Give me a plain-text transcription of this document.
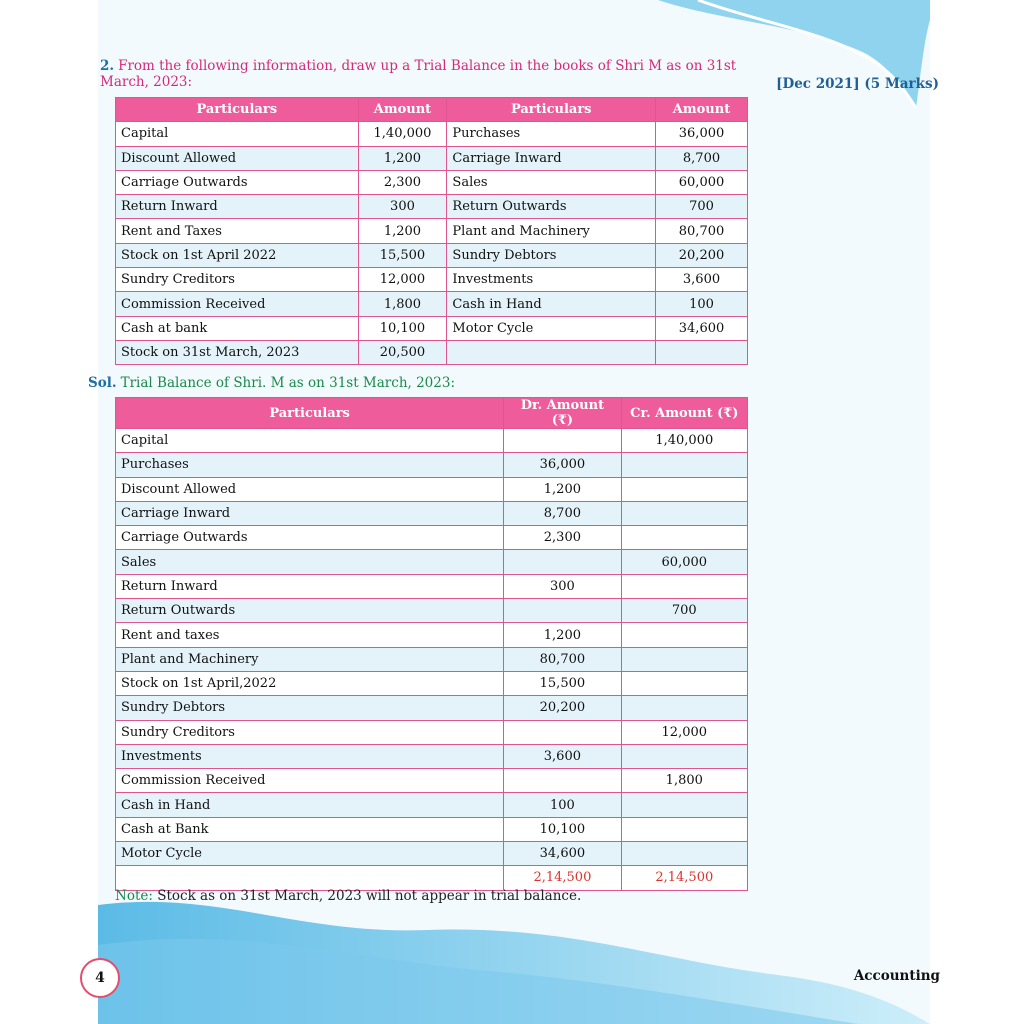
2. From the following information, draw up a Trial Balance in the books of Shri M as on 31st March, 2023:	[Dec 2021] (5 Marks)
Particulars	Amount	Particulars	Amount
Capital	1,40,000	Purchases	36,000
Discount Allowed	1,200	Carriage Inward	8,700
Carriage Outwards	2,300	Sales	60,000
Return Inward	300	Return Outwards	700
Rent and Taxes	1,200	Plant and Machinery	80,700
Stock on 1st April 2022	15,500	Sundry Debtors	20,200
Sundry Creditors	12,000	Investments	3,600
Commission Received	1,800	Cash in Hand	100
Cash at bank	10,100	Motor Cycle	34,600
Stock on 31st March, 2023	20,500		
Sol. Trial Balance of Shri. M as on 31st March, 2023:
Particulars	Dr. Amount (₹)	Cr. Amount (₹)
Capital		1,40,000
Purchases	36,000	
Discount Allowed	1,200	
Carriage Inward	8,700	
Carriage Outwards	2,300	
Sales		60,000
Return Inward	300	
Return Outwards		700
Rent and taxes	1,200	
Plant and Machinery	80,700	
Stock on 1st April,2022	15,500	
Sundry Debtors	20,200	
Sundry Creditors		12,000
Investments	3,600	
Commission Received		1,800
Cash in Hand	100	
Cash at Bank	10,100	
Motor Cycle	34,600	
	2,14,500	2,14,500
Note: Stock as on 31st March, 2023 will not appear in trial balance.
4	Accounting
